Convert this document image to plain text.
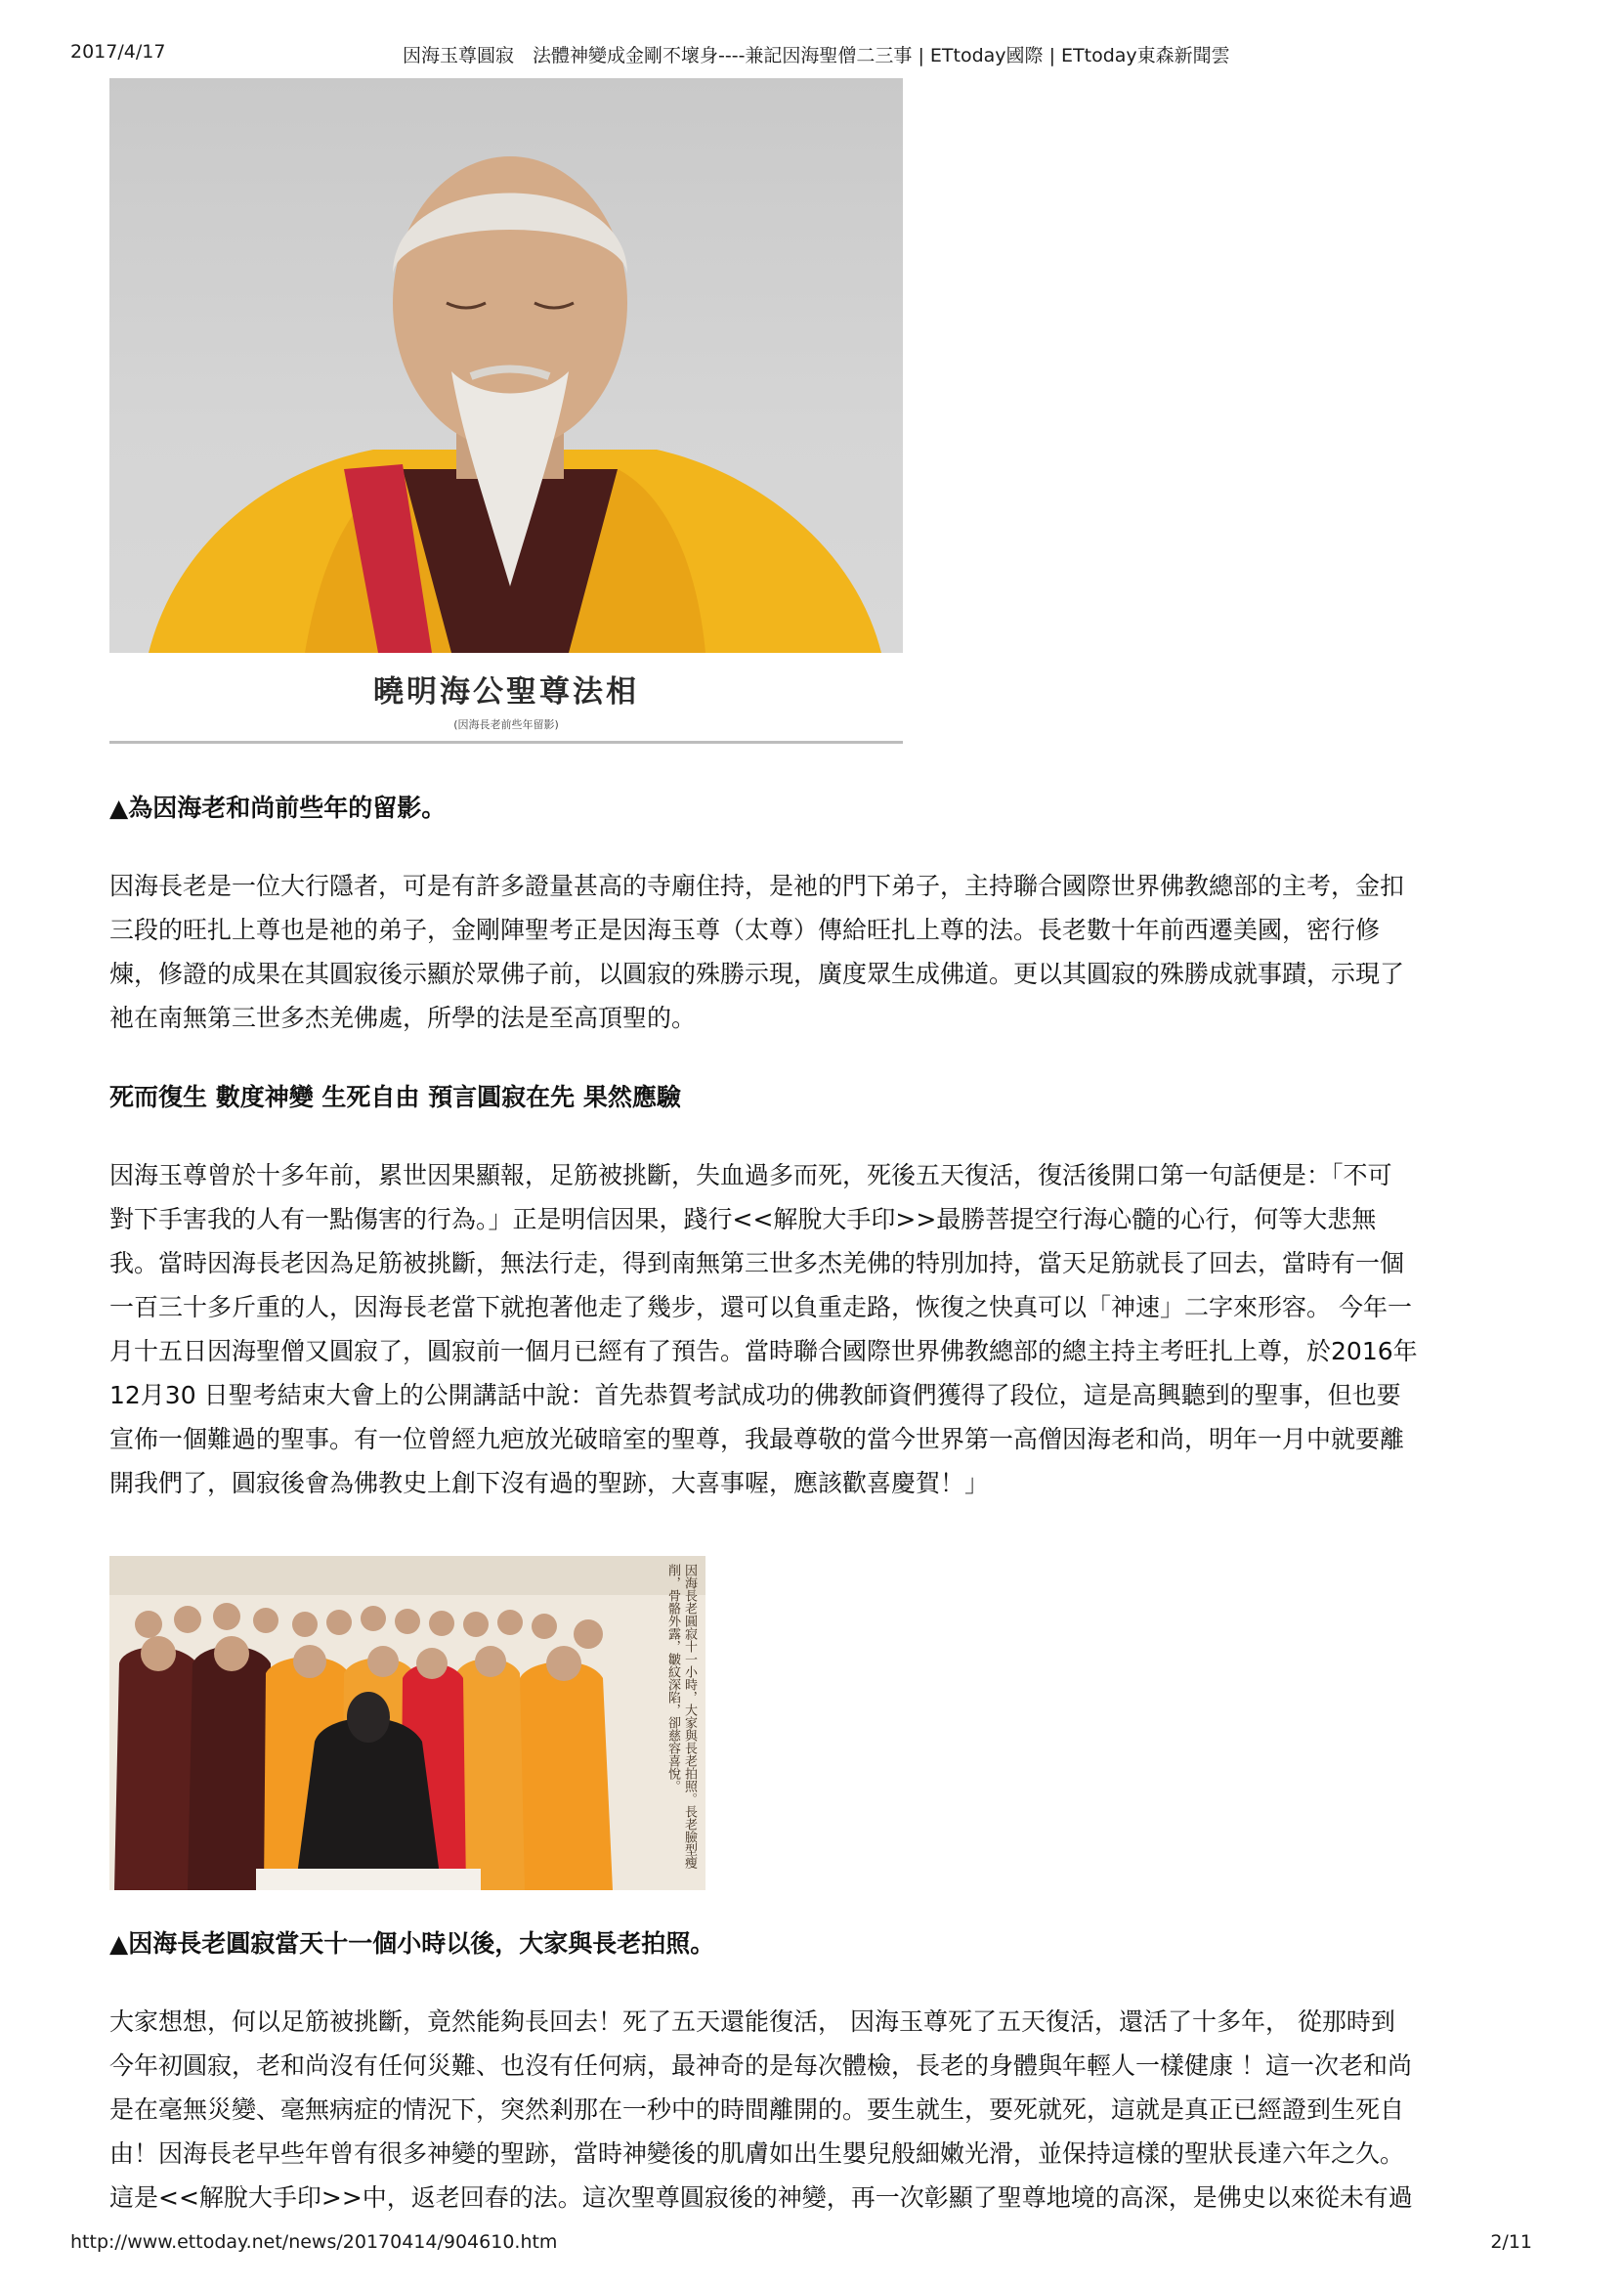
2017/4/17	因海玉尊圓寂　法體神變成金剛不壞身----兼記因海聖僧二三事 | ETtoday國際 | ETtoday東森新聞雲
曉明海公聖尊法相
(因海長老前些年留影)
▲為因海老和尚前些年的留影。
因海長老是一位大行隱者，可是有許多證量甚高的寺廟住持，是祂的門下弟子，主持聯合國際世界佛教總部的主考，金扣
三段的旺扎上尊也是祂的弟子，金剛陣聖考正是因海玉尊（太尊）傳給旺扎上尊的法。長老數十年前西遷美國，密行修
煉，修證的成果在其圓寂後示顯於眾佛子前，以圓寂的殊勝示現，廣度眾生成佛道。更以其圓寂的殊勝成就事蹟，示現了
祂在南無第三世多杰羌佛處，所學的法是至高頂聖的。
死而復生 數度神變 生死自由 預言圓寂在先 果然應驗
因海玉尊曾於十多年前，累世因果顯報，足筋被挑斷，失血過多而死，死後五天復活，復活後開口第一句話便是：「不可
對下手害我的人有一點傷害的行為。」正是明信因果，踐行<<解脫大手印>>最勝菩提空行海心髓的心行，何等大悲無
我。當時因海長老因為足筋被挑斷，無法行走，得到南無第三世多杰羌佛的特別加持，當天足筋就長了回去，當時有一個
一百三十多斤重的人，因海長老當下就抱著他走了幾步，還可以負重走路，恢復之快真可以「神速」二字來形容。 今年一
月十五日因海聖僧又圓寂了，圓寂前一個月已經有了預告。當時聯合國際世界佛教總部的總主持主考旺扎上尊，於2016年
12月30 日聖考結束大會上的公開講話中說：首先恭賀考試成功的佛教師資們獲得了段位，這是高興聽到的聖事，但也要
宣佈一個難過的聖事。有一位曾經九疤放光破暗室的聖尊，我最尊敬的當今世界第一高僧因海老和尚，明年一月中就要離
開我們了，圓寂後會為佛教史上創下沒有過的聖跡，大喜事喔，應該歡喜慶賀！」
因海長老圓寂十一小時，大家與長老拍照。長老臉型瘦削，骨骼外露，皺紋深陷，卻慈容喜悅。
▲因海長老圓寂當天十一個小時以後，大家與長老拍照。
大家想想，何以足筋被挑斷，竟然能夠長回去！死了五天還能復活， 因海玉尊死了五天復活，還活了十多年， 從那時到
今年初圓寂，老和尚沒有任何災難、也沒有任何病，最神奇的是每次體檢，長老的身體與年輕人一樣健康 ！這一次老和尚
是在毫無災變、毫無病症的情況下，突然剎那在一秒中的時間離開的。要生就生，要死就死，這就是真正已經證到生死自
由！因海長老早些年曾有很多神變的聖跡，當時神變後的肌膚如出生嬰兒般細嫩光滑，並保持這樣的聖狀長達六年之久。
這是<<解脫大手印>>中，返老回春的法。這次聖尊圓寂後的神變，再一次彰顯了聖尊地境的高深，是佛史以來從未有過
http://www.ettoday.net/news/20170414/904610.htm	2/11
